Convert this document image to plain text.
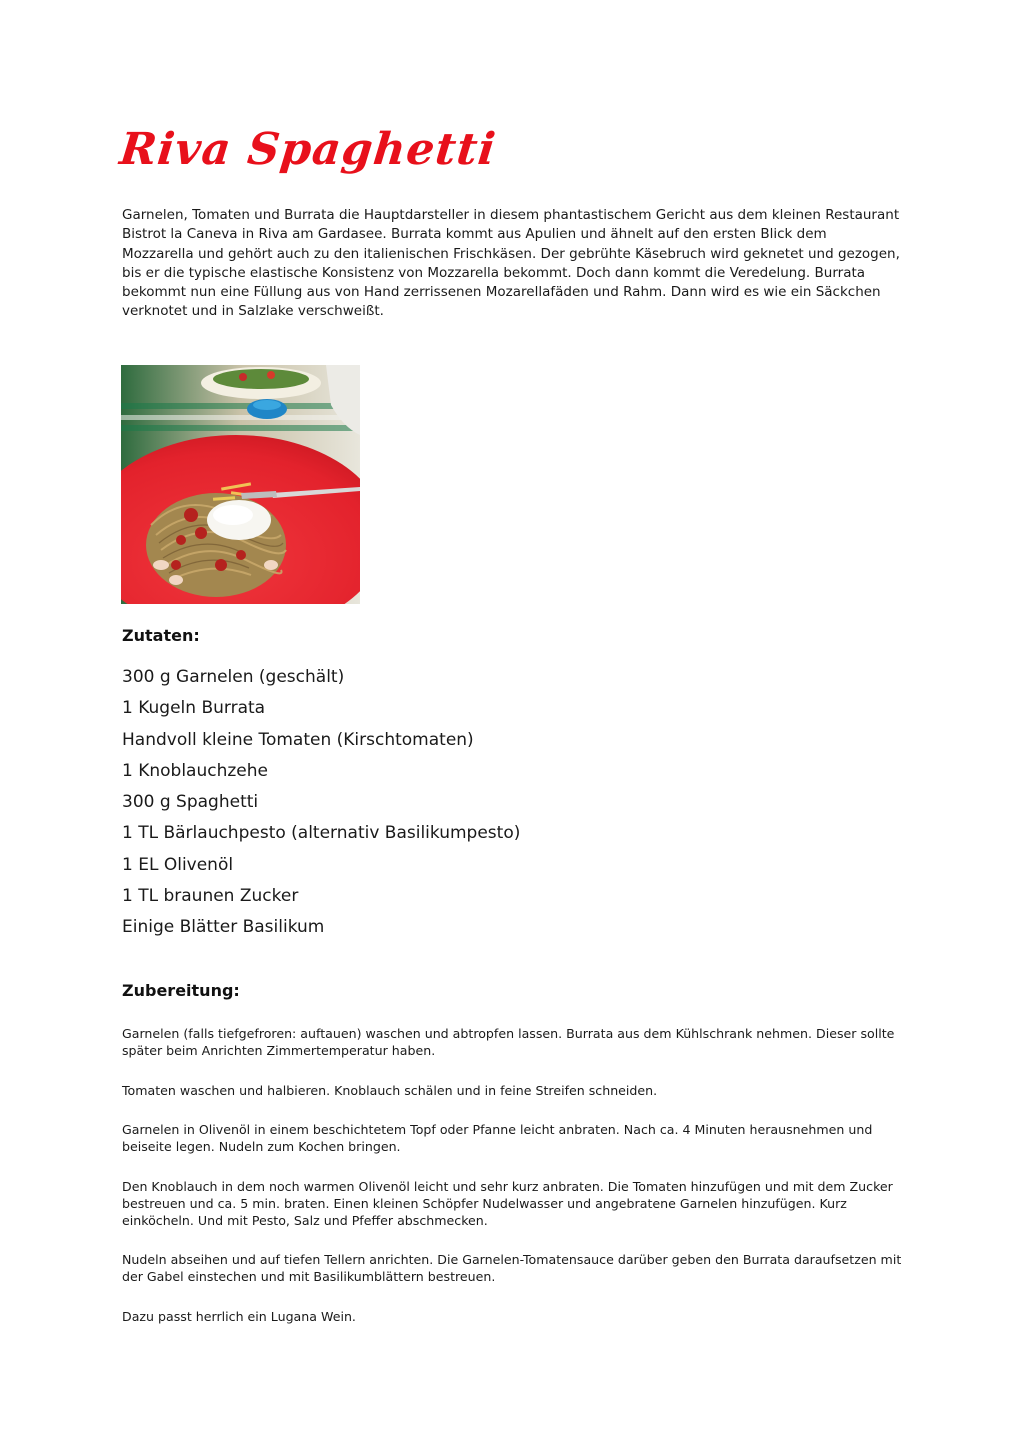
Riva Spaghetti
Garnelen, Tomaten und Burrata die Hauptdarsteller in diesem phantastischem Gericht aus dem kleinen Restaurant Bistrot la Caneva in Riva am Gardasee. Burrata kommt aus Apulien und ähnelt auf den ersten Blick dem Mozzarella und gehört auch zu den italienischen Frischkäsen. Der gebrühte Käsebruch wird geknetet und gezogen, bis er die typische elastische Konsistenz von Mozzarella bekommt. Doch dann kommt die Veredelung. Burrata bekommt nun eine Füllung aus von Hand zerrissenen Mozarellafäden und Rahm. Dann wird es wie ein Säckchen verknotet und in Salzlake verschweißt.
Zutaten:
300 g Garnelen (geschält)
1 Kugeln Burrata
Handvoll kleine Tomaten (Kirschtomaten)
1 Knoblauchzehe
300 g Spaghetti
1 TL Bärlauchpesto (alternativ Basilikumpesto)
1 EL Olivenöl
1 TL braunen Zucker
Einige Blätter Basilikum
Zubereitung:

Garnelen (falls tiefgefroren: auftauen) waschen und abtropfen lassen. Burrata aus dem Kühlschrank nehmen. Dieser sollte später beim Anrichten Zimmertemperatur haben.

Tomaten waschen und halbieren. Knoblauch schälen und in feine Streifen schneiden.

Garnelen in Olivenöl in einem beschichtetem Topf oder Pfanne leicht anbraten. Nach ca. 4 Minuten herausnehmen und beiseite legen. Nudeln zum Kochen bringen.

Den Knoblauch in dem noch warmen Olivenöl leicht und sehr kurz anbraten. Die Tomaten hinzufügen und mit dem Zucker bestreuen und ca. 5 min. braten. Einen kleinen Schöpfer Nudelwasser und angebratene Garnelen hinzufügen. Kurz einköcheln. Und mit Pesto, Salz und Pfeffer abschmecken.

Nudeln abseihen und auf tiefen Tellern anrichten. Die Garnelen-Tomatensauce darüber geben den Burrata daraufsetzen mit der Gabel einstechen und mit Basilikumblättern bestreuen.

Dazu passt herrlich ein Lugana Wein.
